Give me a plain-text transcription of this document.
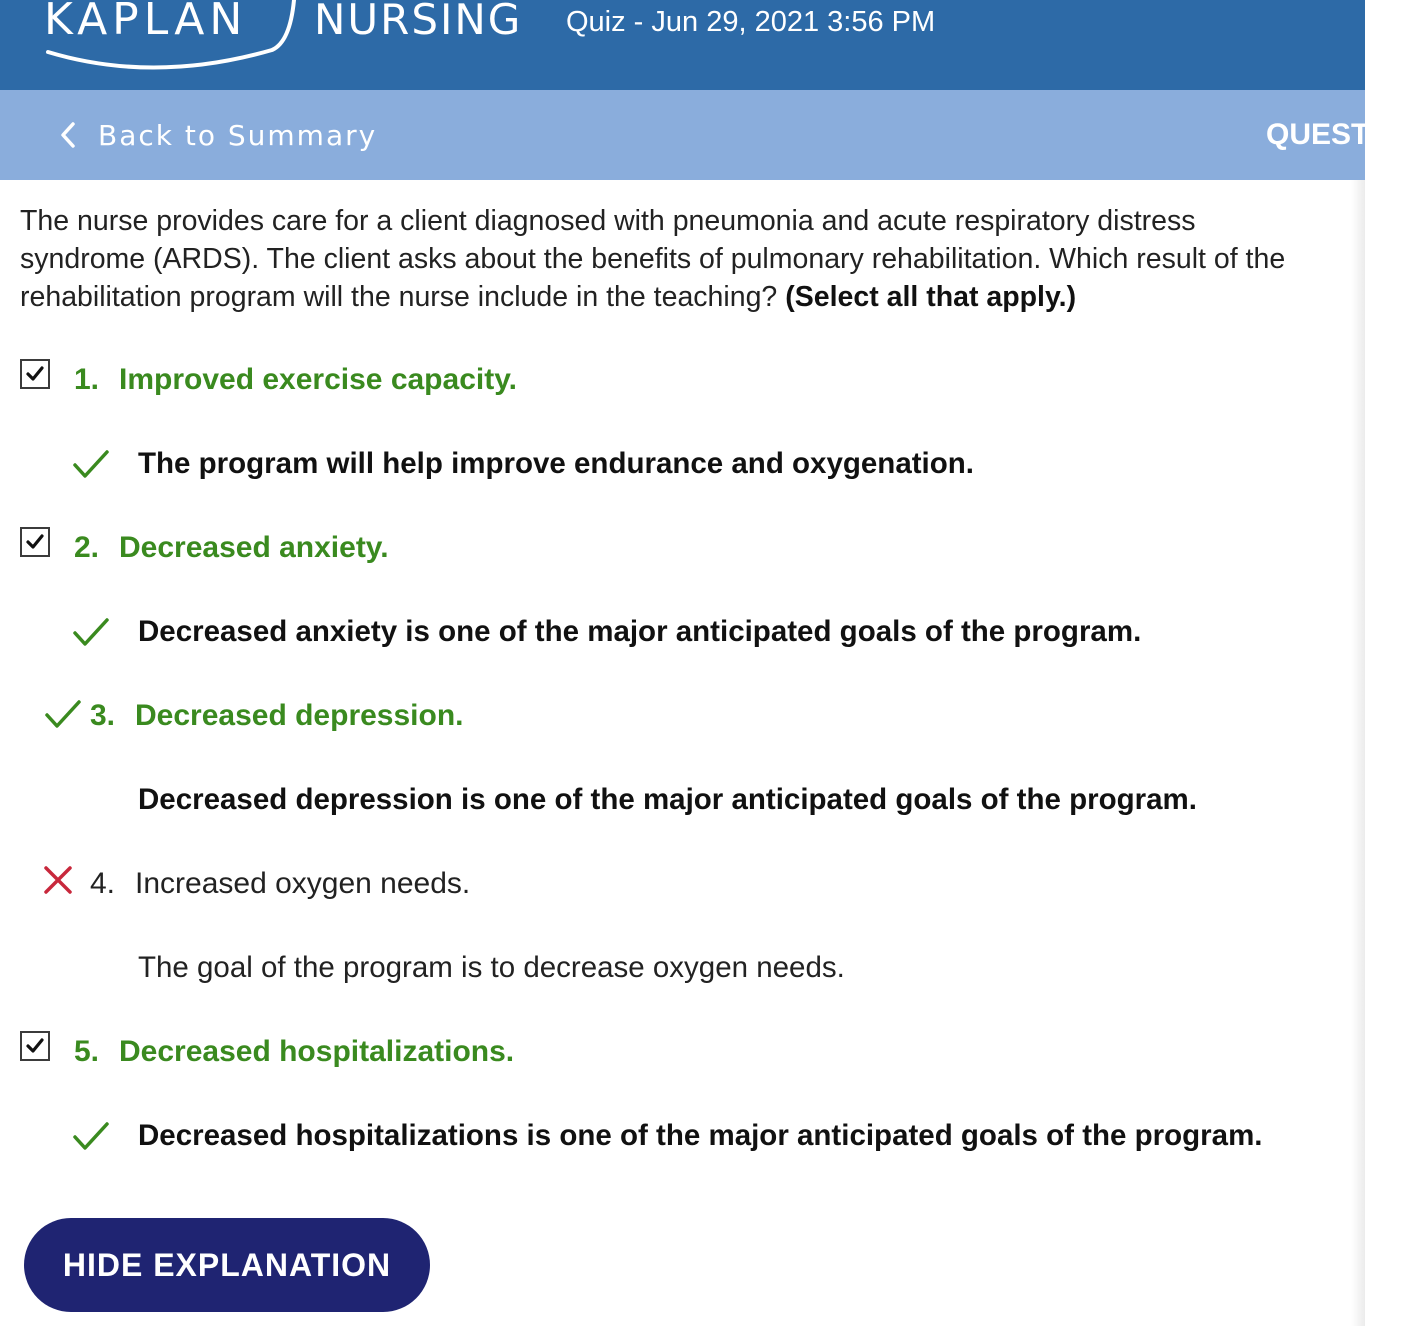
KAPLAN NURSING Quiz - Jun 29, 2021 3:56 PM
Back to Summary	QUESTION
The nurse provides care for a client diagnosed with pneumonia and acute respiratory distress syndrome (ARDS). The client asks about the benefits of pulmonary rehabilitation. Which result of the rehabilitation program will the nurse include in the teaching? (Select all that apply.)
1. Improved exercise capacity.
The program will help improve endurance and oxygenation.
2. Decreased anxiety.
Decreased anxiety is one of the major anticipated goals of the program.
3. Decreased depression.
Decreased depression is one of the major anticipated goals of the program.
4. Increased oxygen needs.
The goal of the program is to decrease oxygen needs.
5. Decreased hospitalizations.
Decreased hospitalizations is one of the major anticipated goals of the program.
HIDE EXPLANATION
